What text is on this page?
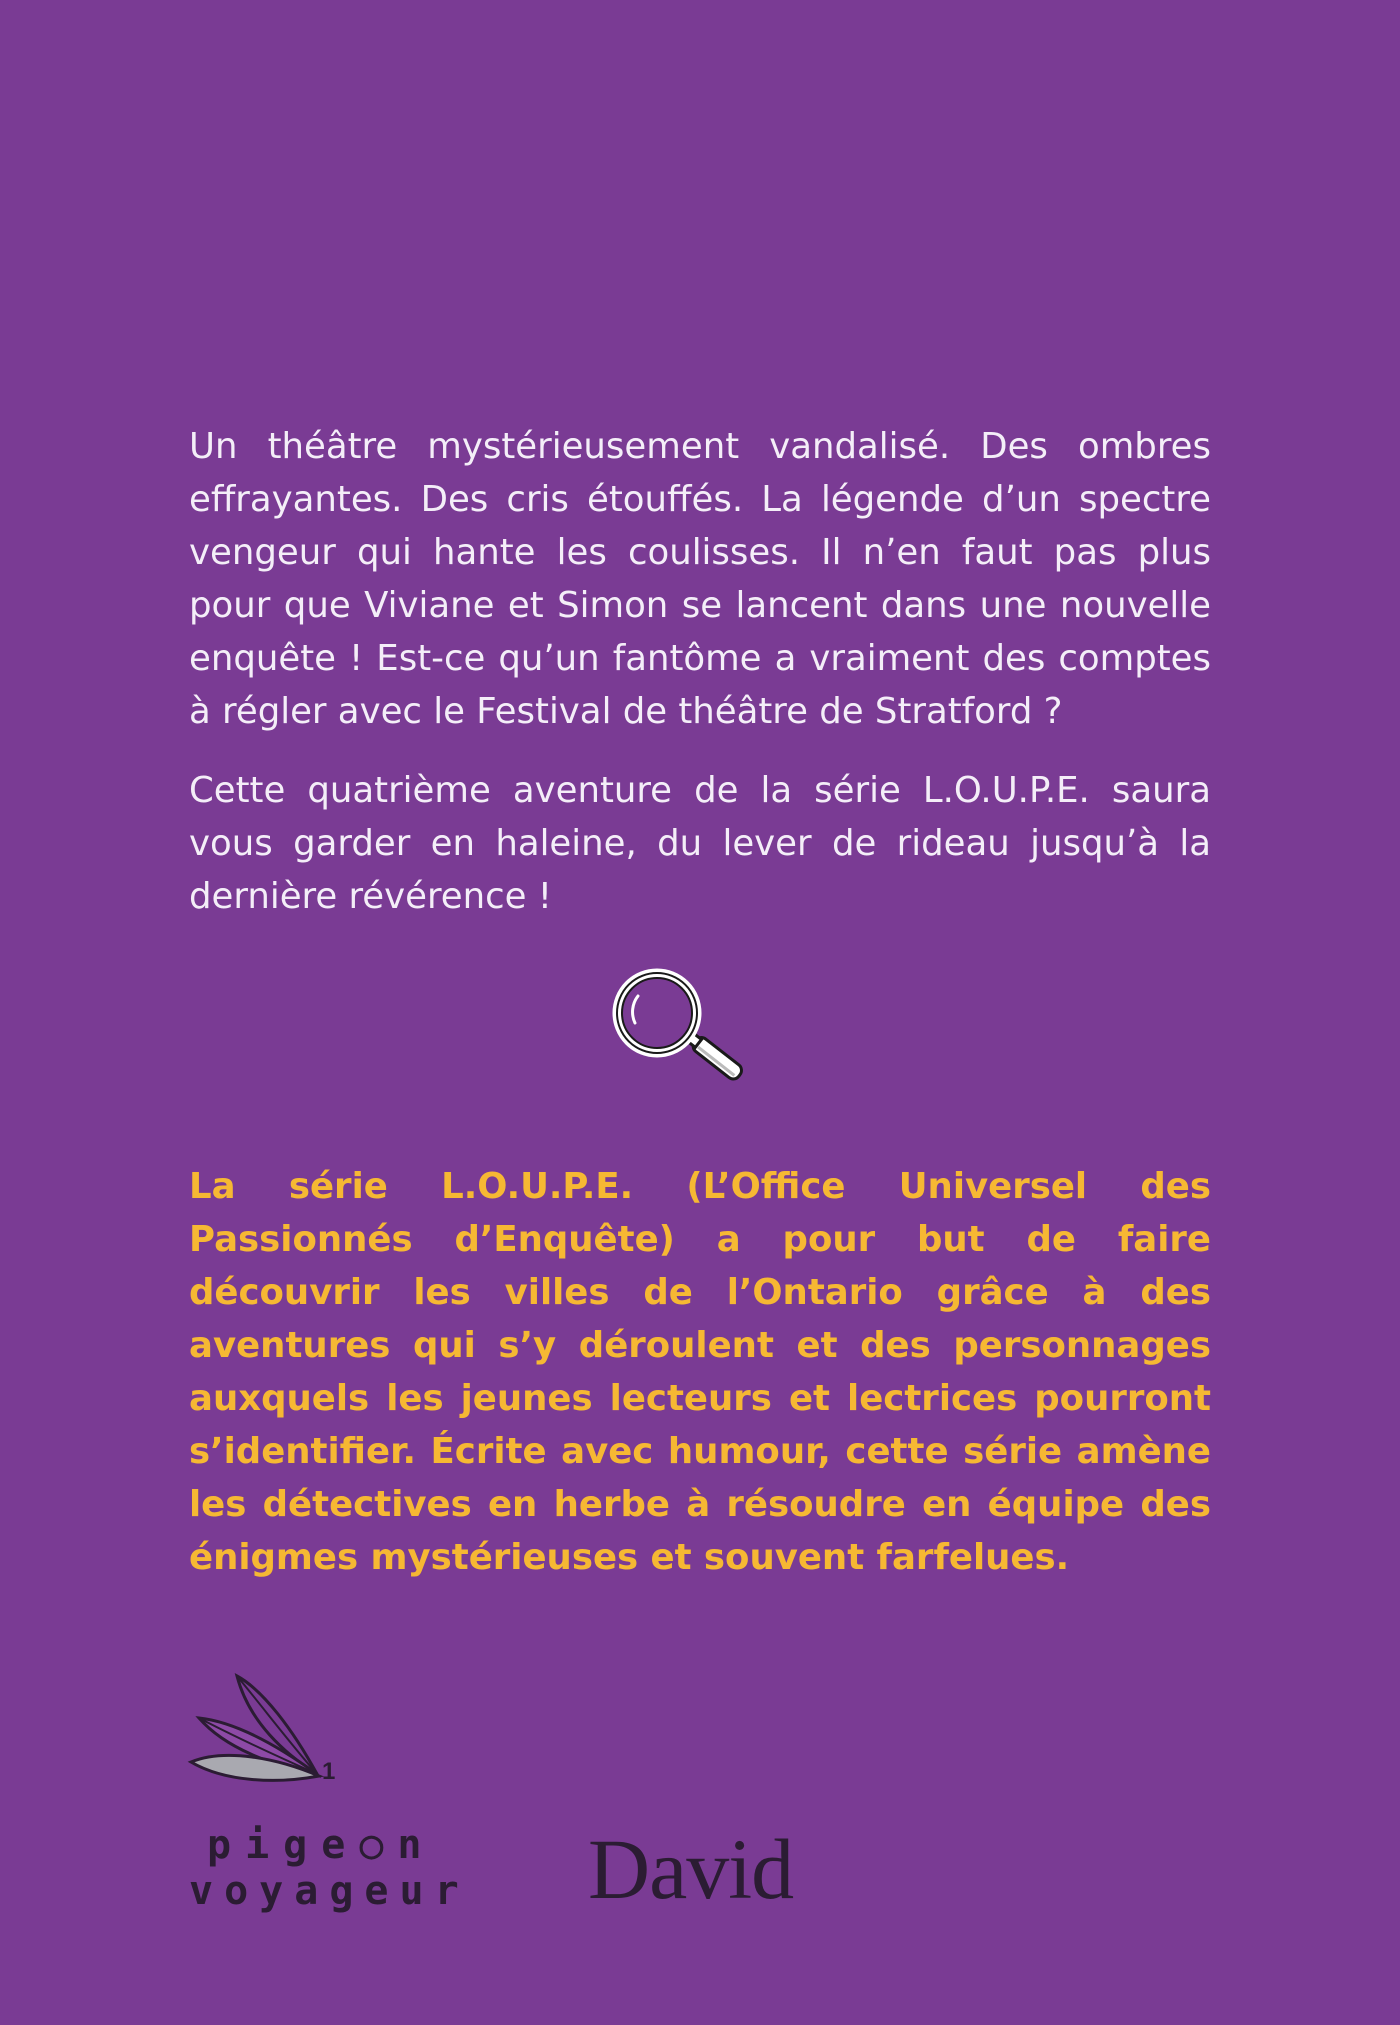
Un théâtre mystérieusement vandalisé. Des ombres effrayantes. Des cris étouffés. La légende d’un spectre vengeur qui hante les coulisses. Il n’en faut pas plus pour que Viviane et Simon se lancent dans une nouvelle enquête ! Est-ce qu’un fantôme a vraiment des comptes à régler avec le Festival de théâtre de Stratford ?

Cette quatrième aventure de la série L.O.U.P.E. saura vous garder en haleine, du lever de rideau jusqu’à la dernière révérence !

La série L.O.U.P.E. (L’Office Universel des Passionnés d’Enquête) a pour but de faire découvrir les villes de l’Ontario grâce à des aventures qui s’y déroulent et des personnages auxquels les jeunes lecteurs et lectrices pourront s’identifier. Écrite avec humour, cette série amène les détectives en herbe à résoudre en équipe des énigmes mystérieuses et souvent farfelues.

1
pige○n
voyageur David
